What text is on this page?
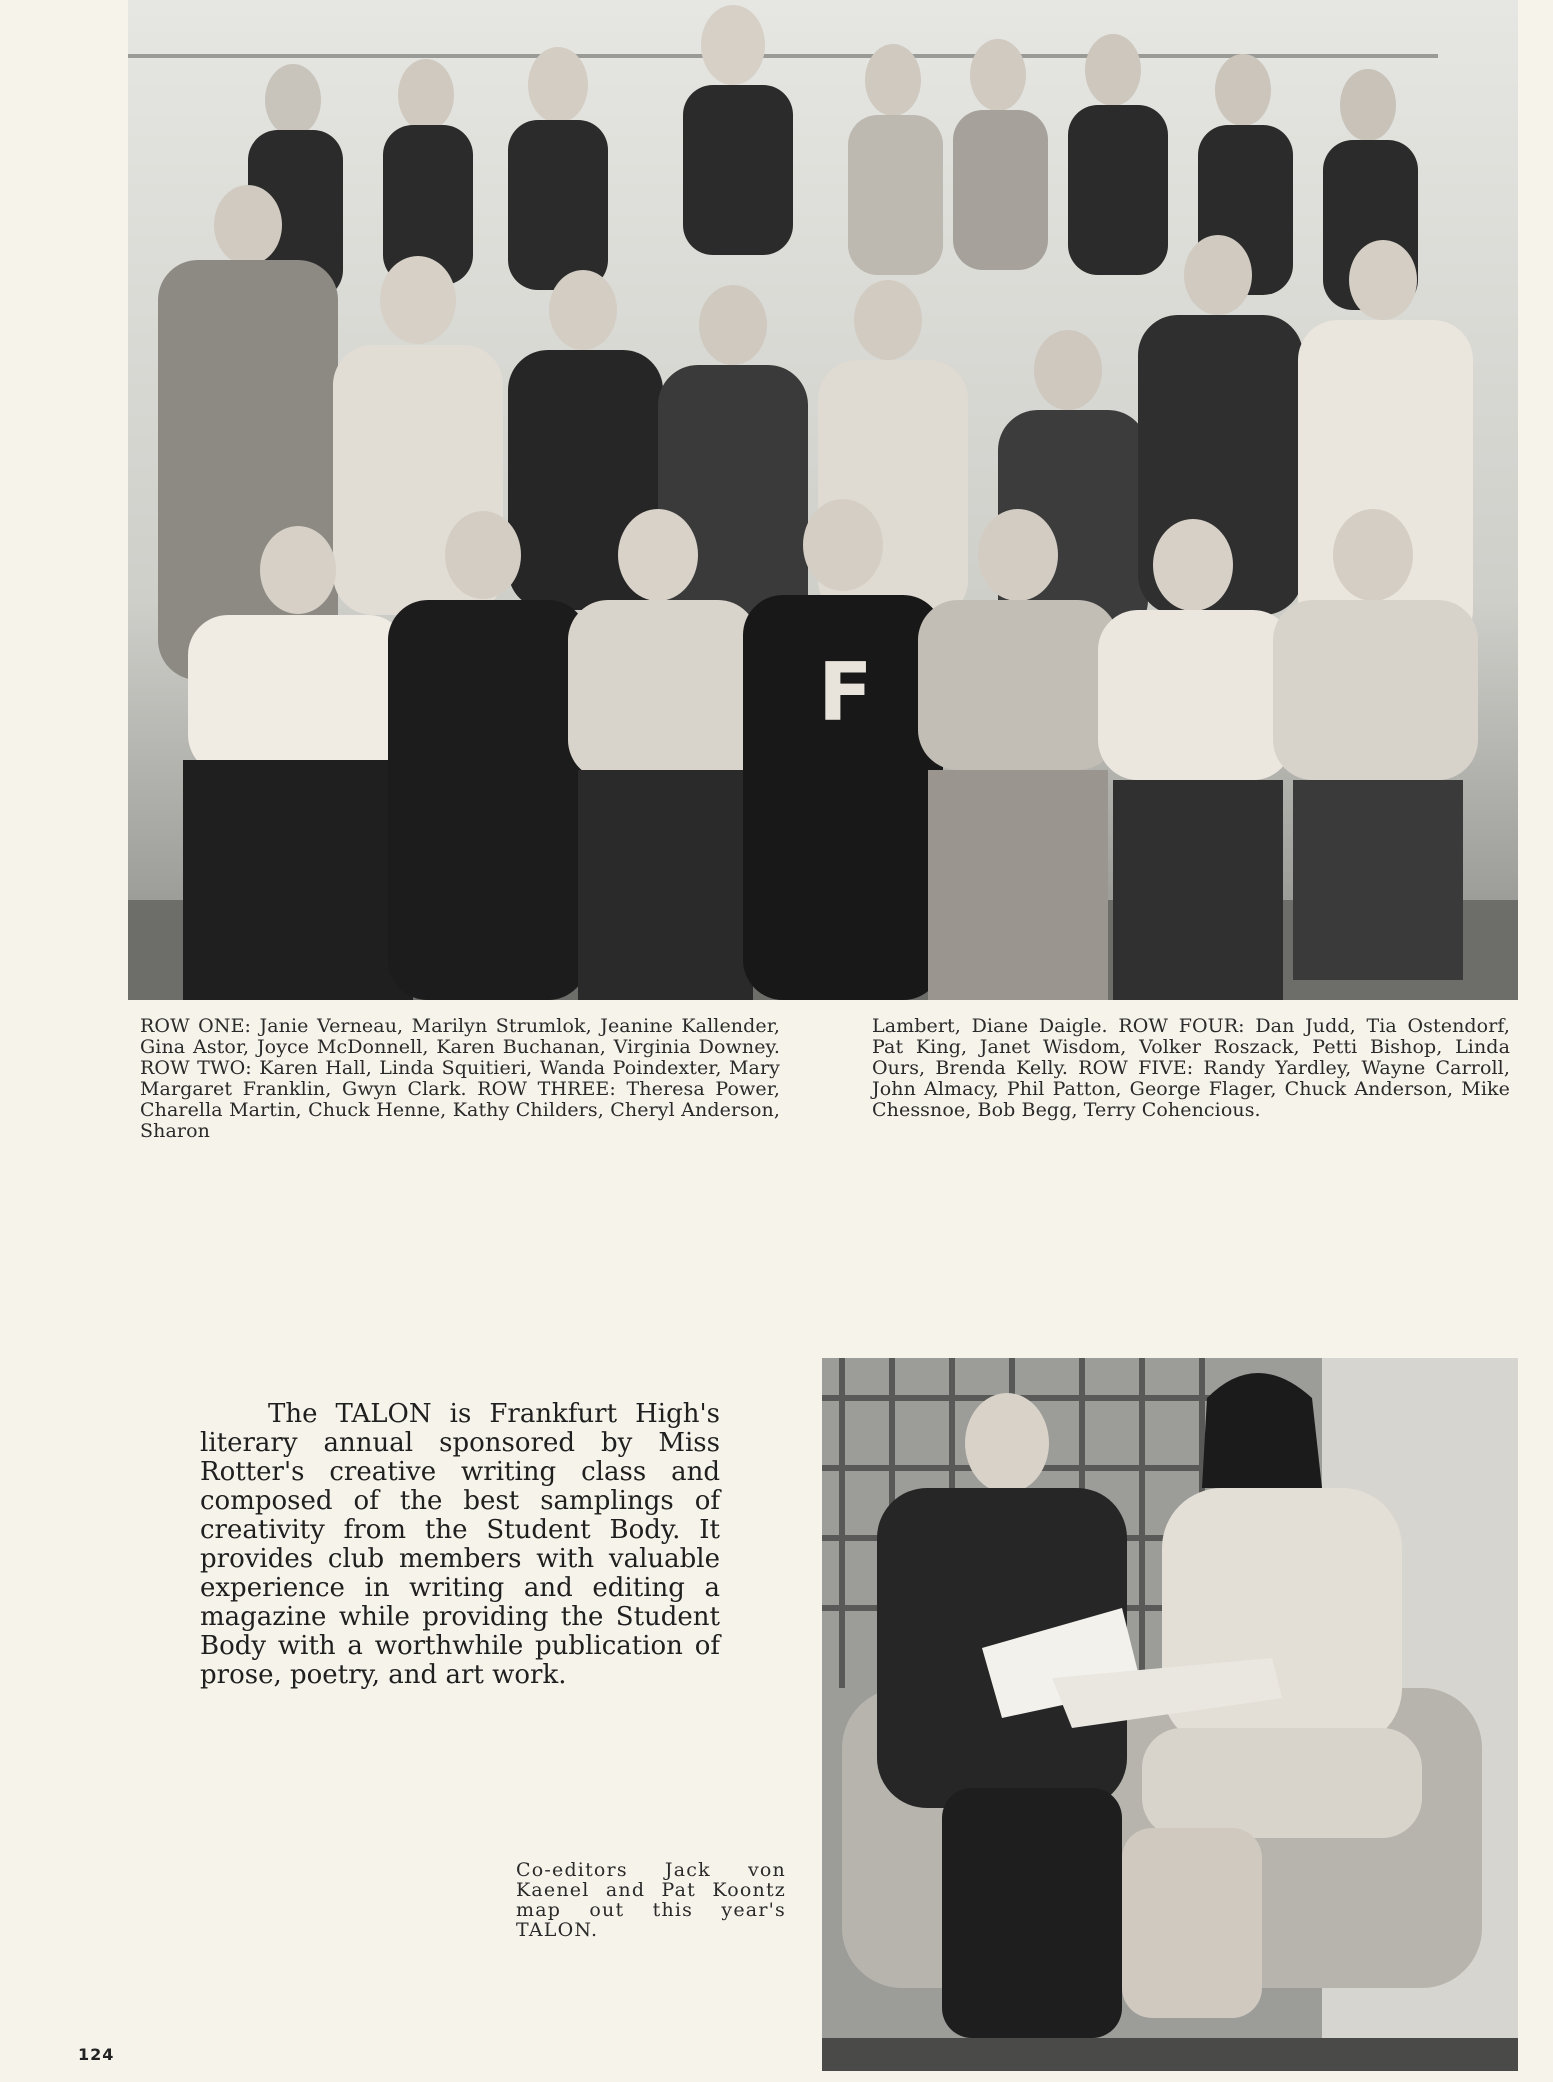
F

ROW ONE: Janie Verneau, Marilyn Strumlok, Jeanine Kallender, Gina Astor, Joyce McDonnell, Karen Buchanan, Virginia Downey. ROW TWO: Karen Hall, Linda Squitieri, Wanda Poindexter, Mary Margaret Franklin, Gwyn Clark. ROW THREE: Theresa Power, Charella Martin, Chuck Henne, Kathy Childers, Cheryl Anderson, Sharon

Lambert, Diane Daigle. ROW FOUR: Dan Judd, Tia Ostendorf, Pat King, Janet Wisdom, Volker Roszack, Petti Bishop, Linda Ours, Brenda Kelly. ROW FIVE: Randy Yardley, Wayne Carroll, John Almacy, Phil Patton, George Flager, Chuck Anderson, Mike Chessnoe, Bob Begg, Terry Cohencious.

The TALON is Frankfurt High's literary annual sponsored by Miss Rotter's creative writing class and composed of the best samplings of creativity from the Student Body. It provides club members with valuable experience in writing and editing a magazine while providing the Student Body with a worthwhile publication of prose, poetry, and art work.

Co-editors Jack von Kaenel and Pat Koontz map out this year's TALON.

124
